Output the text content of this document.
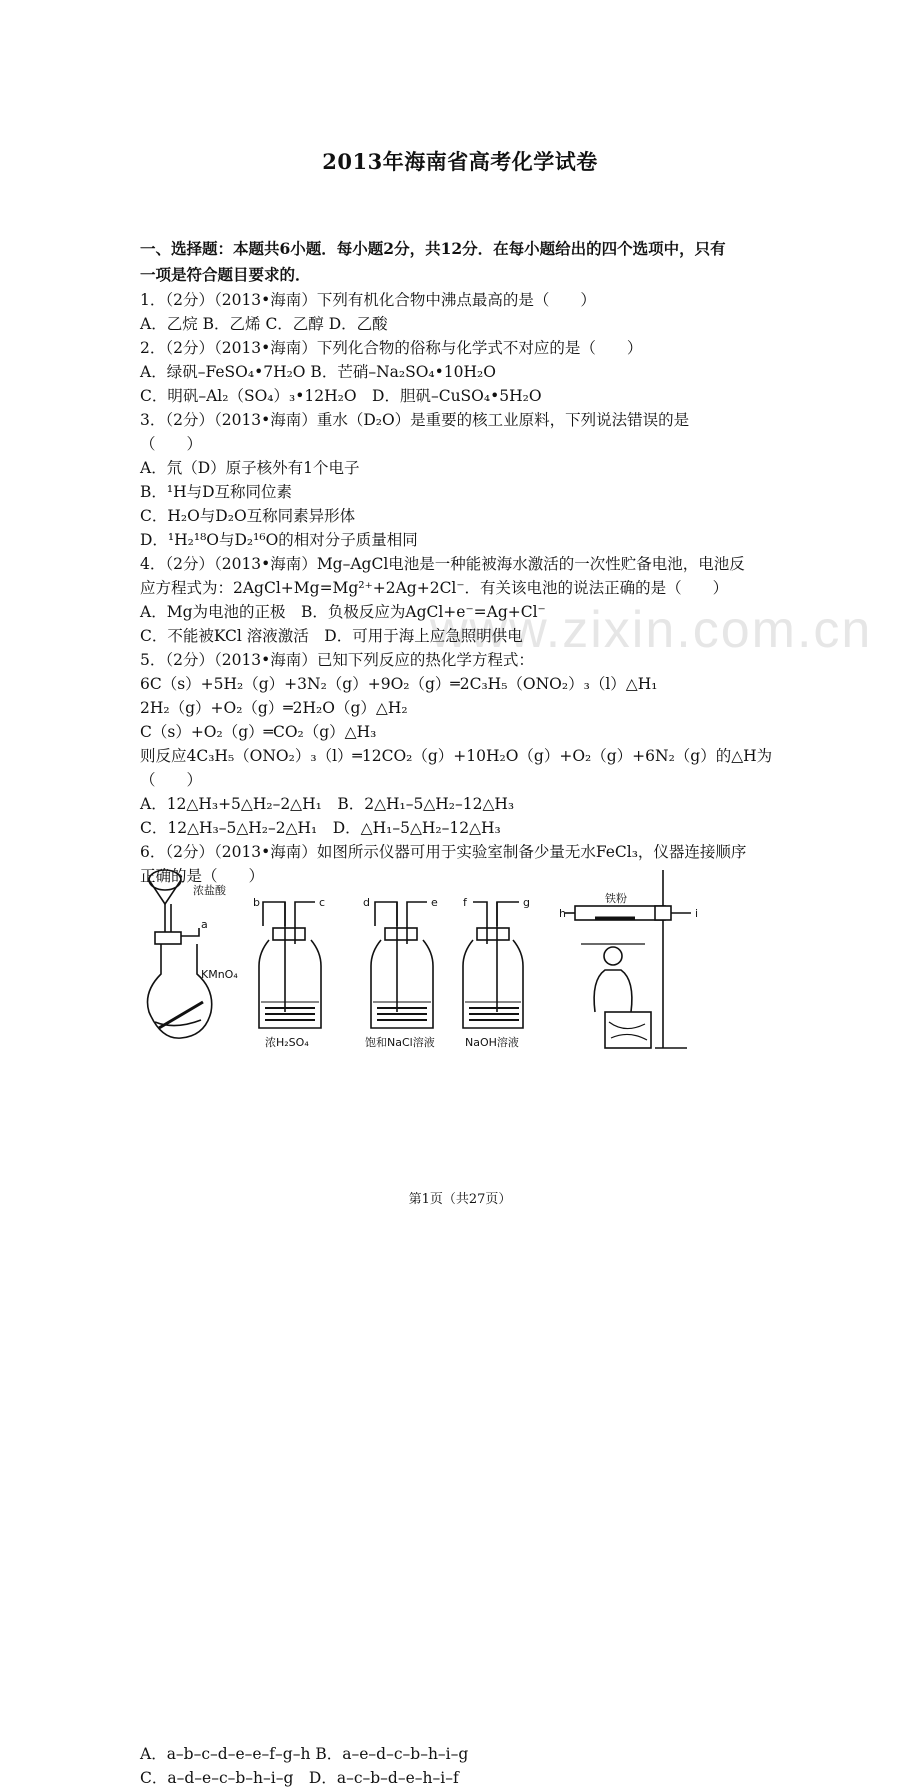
www.zixin.com.cn
2013年海南省高考化学试卷
一、选择题：本题共6小题．每小题2分，共12分．在每小题给出的四个选项中，只有
一项是符合题目要求的．
1．（2分）（2013•海南）下列有机化合物中沸点最高的是（　　）
A．乙烷 B．乙烯 C．乙醇 D．乙酸
2．（2分）（2013•海南）下列化合物的俗称与化学式不对应的是（　　）
A．绿矾–FeSO₄•7H₂O B．芒硝–Na₂SO₄•10H₂O
C．明矾–Al₂（SO₄）₃•12H₂O　D．胆矾–CuSO₄•5H₂O
3．（2分）（2013•海南）重水（D₂O）是重要的核工业原料，下列说法错误的是
（　　）
A．氘（D）原子核外有1个电子
B．¹H与D互称同位素
C．H₂O与D₂O互称同素异形体
D．¹H₂¹⁸O与D₂¹⁶O的相对分子质量相同
4．（2分）（2013•海南）Mg–AgCl电池是一种能被海水激活的一次性贮备电池，电池反
应方程式为：2AgCl+Mg=Mg²⁺+2Ag+2Cl⁻．有关该电池的说法正确的是（　　）
A．Mg为电池的正极　B．负极反应为AgCl+e⁻=Ag+Cl⁻
C．不能被KCl 溶液激活　D．可用于海上应急照明供电
5．（2分）（2013•海南）已知下列反应的热化学方程式：
6C（s）+5H₂（g）+3N₂（g）+9O₂（g）═2C₃H₅（ONO₂）₃（l）△H₁
2H₂（g）+O₂（g）═2H₂O（g）△H₂
C（s）+O₂（g）═CO₂（g）△H₃
则反应4C₃H₅（ONO₂）₃（l）═12CO₂（g）+10H₂O（g）+O₂（g）+6N₂（g）的△H为
（　　）
A．12△H₃+5△H₂–2△H₁　B．2△H₁–5△H₂–12△H₃
C．12△H₃–5△H₂–2△H₁　D．△H₁–5△H₂–12△H₃
6．（2分）（2013•海南）如图所示仪器可用于实验室制备少量无水FeCl₃，仪器连接顺序
正确的是（　　）
浓盐酸
a
KMnO₄
b	c	d	e f	g
h	i
铁粉
浓H₂SO₄	饱和NaCl溶液	NaOH溶液
A．a–b–c–d–e–e–f–g–h B．a–e–d–c–b–h–i–g
C．a–d–e–c–b–h–i–g　D．a–c–b–d–e–h–i–f
第1页（共27页）
